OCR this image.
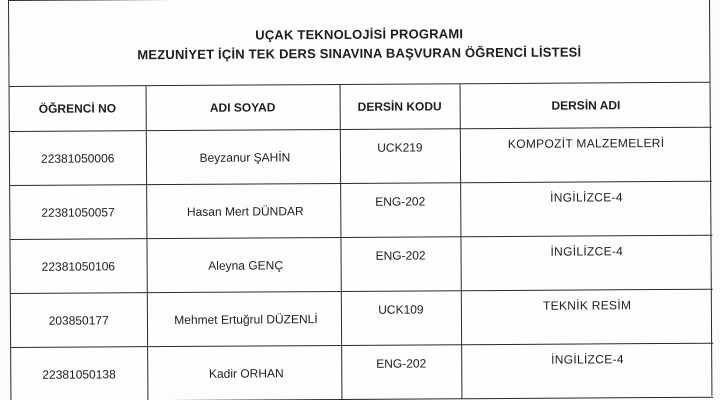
UÇAK TEKNOLOJİSİ PROGRAMI
MEZUNİYET İÇİN TEK DERS SINAVINA BAŞVURAN ÖĞRENCİ LİSTESİ
ÖĞRENCİ NO	ADI SOYAD	DERSİN KODU	DERSİN ADI
22381050006	Beyzanur ŞAHİN	UCK219	KOMPOZİT MALZEMELERİ
22381050057	Hasan Mert DÜNDAR	ENG-202	İNGİLİZCE-4
22381050106	Aleyna GENÇ	ENG-202	İNGİLİZCE-4
203850177	Mehmet Ertuğrul DÜZENLİ	UCK109	TEKNİK RESİM
22381050138	Kadir ORHAN	ENG-202	İNGİLİZCE-4
